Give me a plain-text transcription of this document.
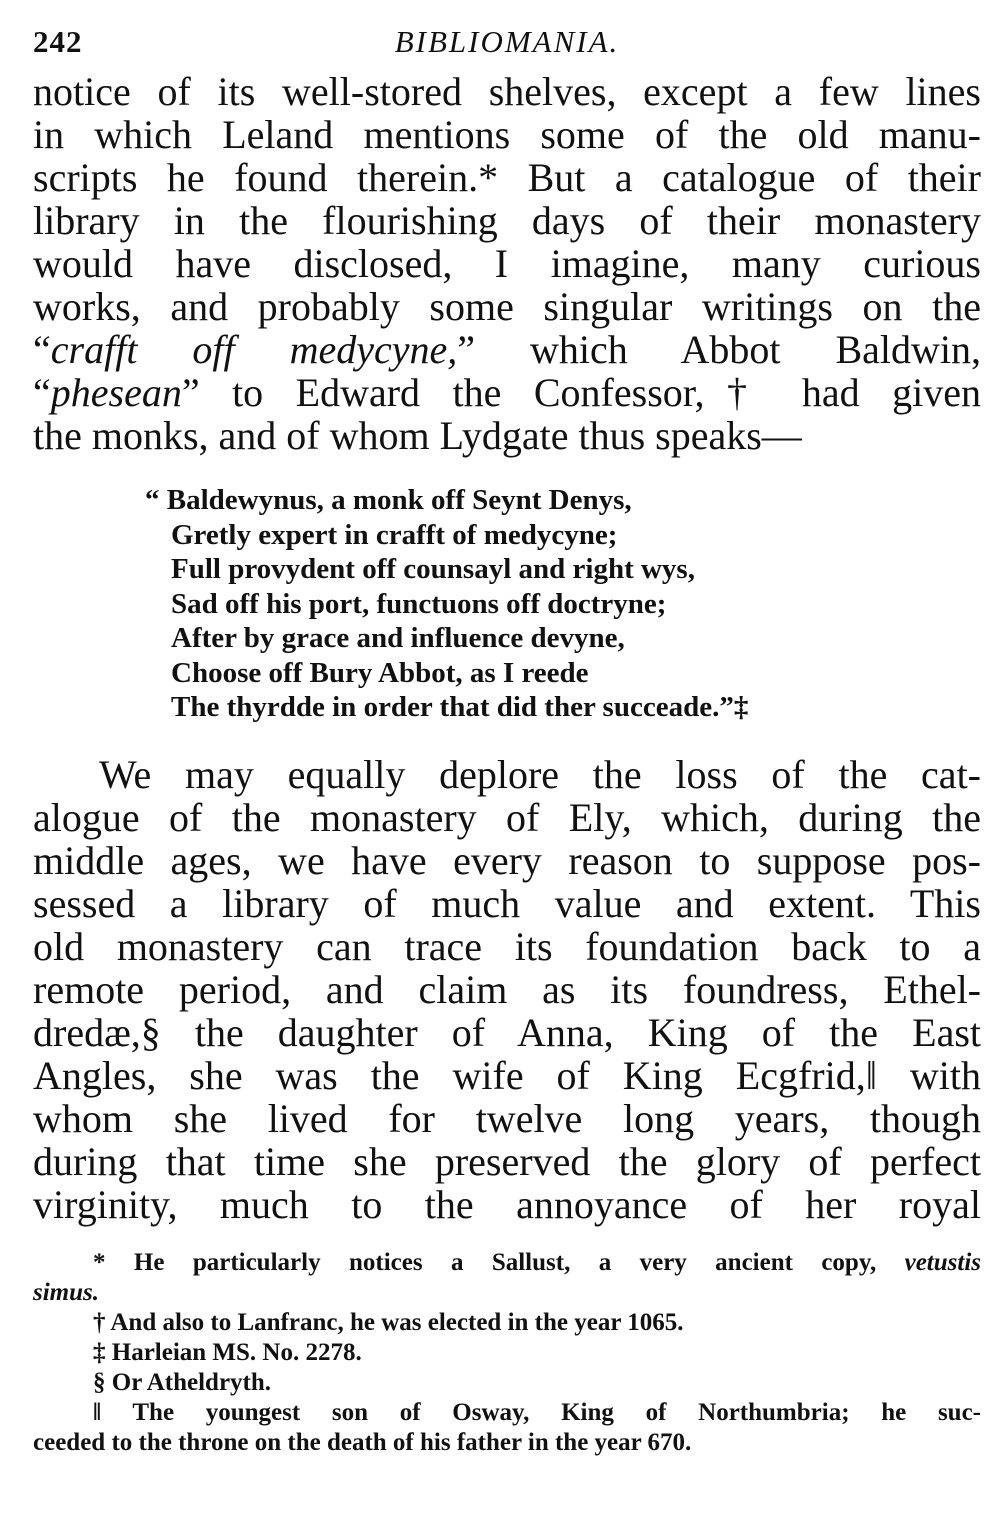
242	BIBLIOMANIA.

notice of its well-stored shelves, except a few lines
in which Leland mentions some of the old manu-
scripts he found therein.* But a catalogue of their
library in the flourishing days of their monastery
would have disclosed, I imagine, many curious
works, and probably some singular writings on the
“crafft off medycyne,” which Abbot Baldwin,
“phesean” to Edward the Confessor,† had given
the monks, and of whom Lydgate thus speaks—

“ Baldewynus, a monk off Seynt Denys,
Gretly expert in crafft of medycyne;
Full provydent off counsayl and right wys,
Sad off his port, functuons off doctryne;
After by grace and influence devyne,
Choose off Bury Abbot, as I reede
The thyrdde in order that did ther succeade.”‡

We may equally deplore the loss of the cat-
alogue of the monastery of Ely, which, during the
middle ages, we have every reason to suppose pos-
sessed a library of much value and extent. This
old monastery can trace its foundation back to a
remote period, and claim as its foundress, Ethel-
dredæ,§ the daughter of Anna, King of the East
Angles, she was the wife of King Ecgfrid,‖ with
whom she lived for twelve long years, though
during that time she preserved the glory of perfect
virginity, much to the annoyance of her royal

* He particularly notices a Sallust, a very ancient copy, vetustis
simus.
† And also to Lanfranc, he was elected in the year 1065.
‡ Harleian MS. No. 2278.
§ Or Atheldryth.
‖ The youngest son of Osway, King of Northumbria; he suc-
ceeded to the throne on the death of his father in the year 670.
